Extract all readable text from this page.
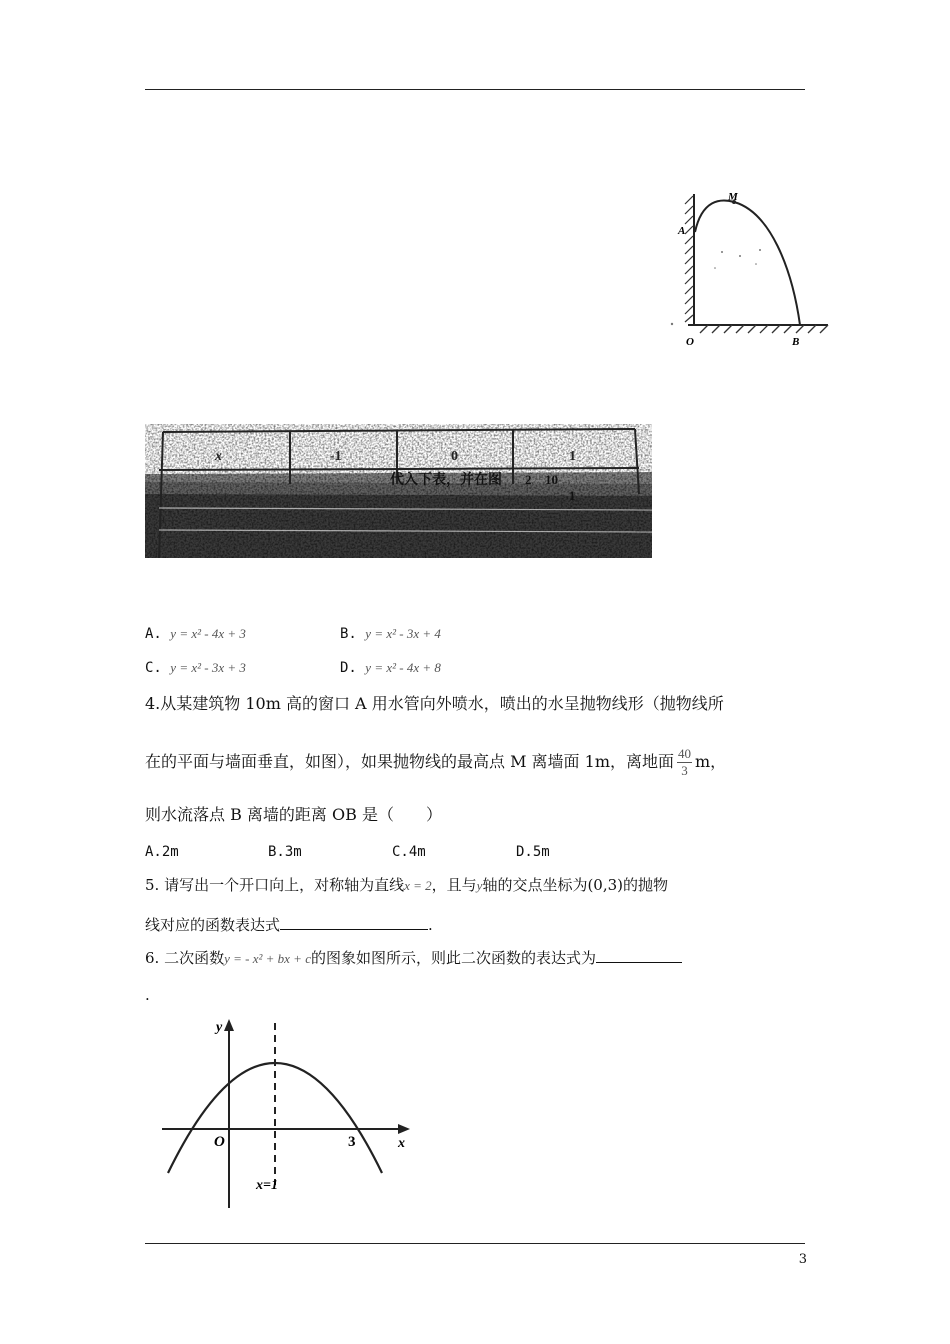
A
M
O	B
x	-1	0	1
代入下表，并在图 2 10
1
A. y = x² - 4x + 3	B. y = x² - 3x + 4
C. y = x² - 3x + 3	D. y = x² - 4x + 8
4.从某建筑物 10m 高的窗口 A 用水管向外喷水，喷出的水呈抛物线形（抛物线所
在的平面与墙面垂直，如图），如果抛物线的最高点 M 离墙面 1m，离地面 $\frac{40}{3}$ m，
则水流落点 B 离墙的距离 OB 是（　　）
A.2m	B.3m	C.4m	D.5m
5. 请写出一个开口向上，对称轴为直线x = 2，且与y轴的交点坐标为(0,3)的抛物
线对应的函数表达式	.
6. 二次函数y = - x² + bx + c的图象如图所示，则此二次函数的表达式为
.
y
x
O	3
x=1
3
